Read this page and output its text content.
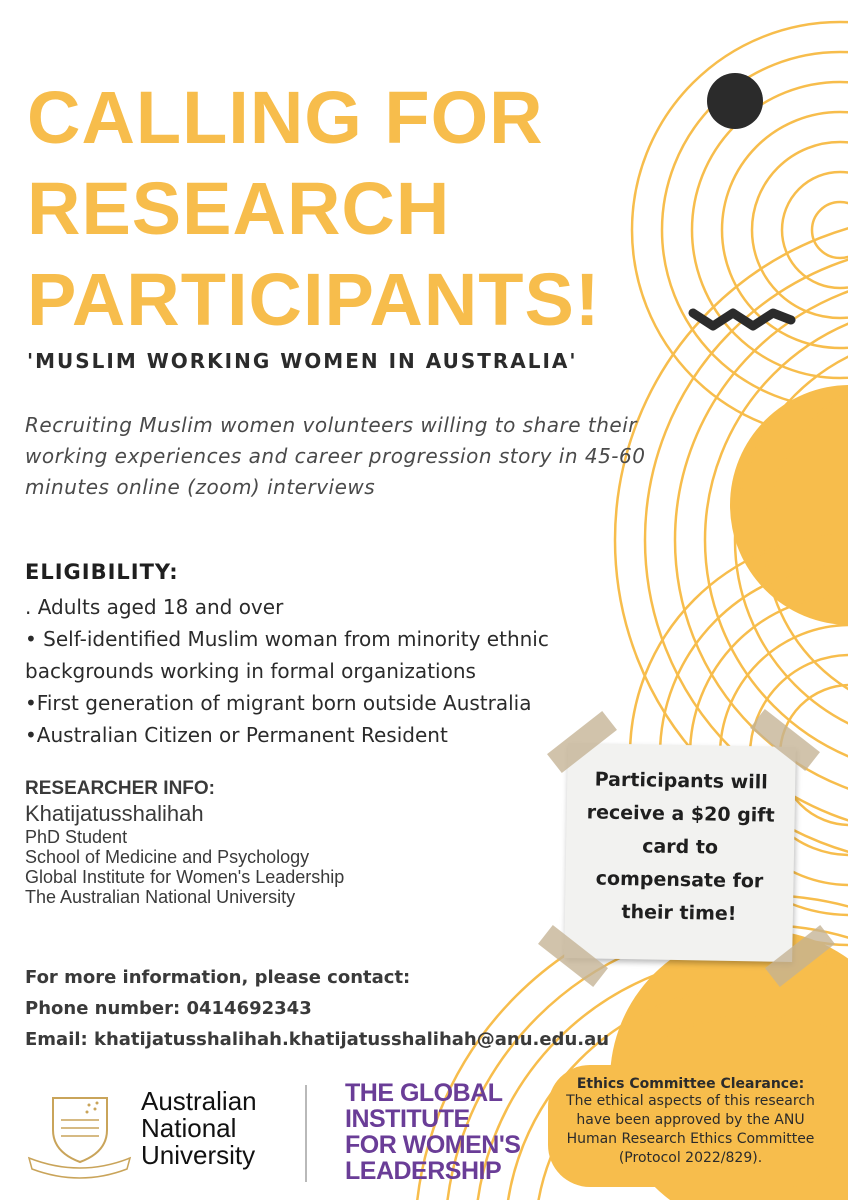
CALLING FOR
RESEARCH
PARTICIPANTS!
'MUSLIM WORKING WOMEN IN AUSTRALIA'
Recruiting Muslim women volunteers willing to share their working experiences and career progression story in 45-60 minutes online (zoom) interviews
ELIGIBILITY:
. Adults aged 18 and over
• Self-identified Muslim woman from minority ethnic backgrounds working in formal organizations
•First generation of migrant born outside Australia
•Australian Citizen or Permanent Resident
RESEARCHER INFO:
Khatijatusshalihah
PhD Student
School of Medicine and Psychology
Global Institute for Women's Leadership
The Australian National University
For more information, please contact:
Phone number: 0414692343
Email: khatijatusshalihah.khatijatusshalihah@anu.edu.au
Participants will receive a $20 gift card to compensate for their time!
Ethics Committee Clearance:
The ethical aspects of this research have been approved by the ANU Human Research Ethics Committee (Protocol 2022/829).
Australian
National
University
THE GLOBAL
INSTITUTE
FOR WOMEN'S
LEADERSHIP
